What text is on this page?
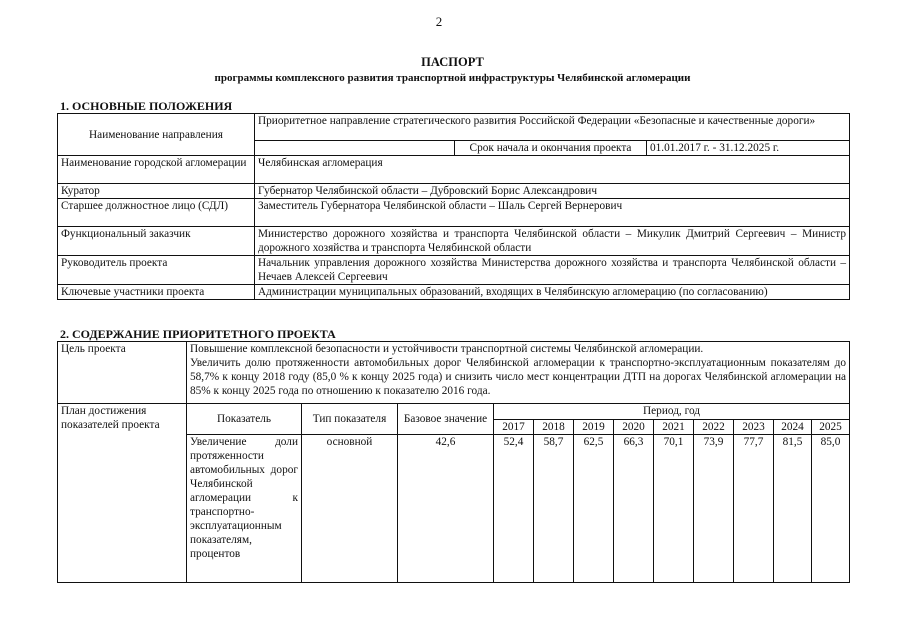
2
ПАСПОРТ
программы комплексного развития транспортной инфраструктуры Челябинской агломерации
1. ОСНОВНЫЕ ПОЛОЖЕНИЯ
Наименование направления	Приоритетное направление стратегического развития Российской Федерации «Безопасные и качественные дороги»		
		Срок начала и окончания проекта	01.01.2017 г. - 31.12.2025 г.
Наименование городской агломерации	Челябинская агломерация		
Куратор	Губернатор Челябинской области – Дубровский Борис Александрович		
Старшее должностное лицо (СДЛ)	Заместитель Губернатора Челябинской области – Шаль Сергей Вернерович		
Функциональный заказчик	Министерство дорожного хозяйства и транспорта Челябинской области – Микулик Дмитрий Сергеевич – Министр дорожного хозяйства и транспорта Челябинской области		
Руководитель проекта	Начальник управления дорожного хозяйства Министерства дорожного хозяйства и транспорта Челябинской области – Нечаев Алексей Сергеевич		
Ключевые участники проекта	Администрации муниципальных образований, входящих в Челябинскую агломерацию (по согласованию)		
2. СОДЕРЖАНИЕ ПРИОРИТЕТНОГО ПРОЕКТА
Цель проекта	Повышение комплексной безопасности и устойчивости транспортной системы Челябинской агломерации.
Увеличить долю протяженности автомобильных дорог Челябинской агломерации к транспортно-эксплуатационным показателям до 58,7% к концу 2018 году (85,0 % к концу 2025 года) и снизить число мест концентрации ДТП на дорогах Челябинской агломерации на 85% к концу 2025 года по отношению к показателю 2016 года.											

План достижения показателей проекта	Показатель	Тип показателя	Базовое значение	Период, год								
				2017	2018	2019	2020	2021	2022	2023	2024	2025
	Увеличение доли протяженности автомобильных дорог Челябинской агломерации к транспортно-эксплуатационным показателям, процентов	основной	42,6	52,4	58,7	62,5	66,3	70,1	73,9	77,7	81,5	85,0
